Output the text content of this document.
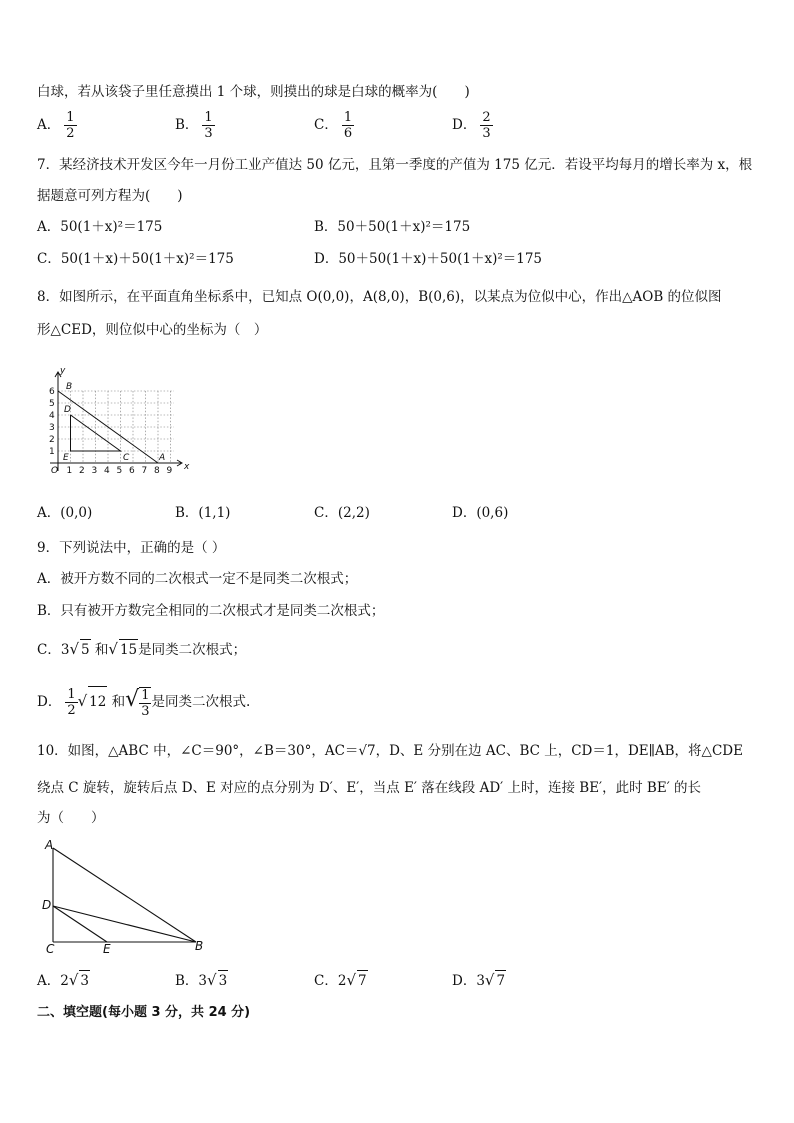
白球，若从该袋子里任意摸出 1 个球，则摸出的球是白球的概率为(　　)
A． $\frac{1}{2}$	B． $\frac{1}{3}$	C． $\frac{1}{6}$	D． $\frac{2}{3}$
7．某经济技术开发区今年一月份工业产值达 50 亿元，且第一季度的产值为 175 亿元．若设平均每月的增长率为 x，根
据题意可列方程为(　　)
A．50(1＋x)²＝175	B．50＋50(1＋x)²＝175
C．50(1＋x)＋50(1＋x)²＝175	D．50＋50(1＋x)＋50(1＋x)²＝175
8．如图所示，在平面直角坐标系中，已知点 O(0,0)，A(8,0)，B(0,6)，以某点为位似中心，作出△AOB 的位似图
形△CED，则位似中心的坐标为（　）
y
x
O 1 2 3 4 5 6 7 8 9
1
2
3
4
5
6 B
D
E	C	A
A．(0,0)	B．(1,1)	C．(2,2)	D．(0,6)
9．下列说法中，正确的是（ ）
A．被开方数不同的二次根式一定不是同类二次根式；
B．只有被开方数完全相同的二次根式才是同类二次根式；
C．3√ 5 和√ 15是同类二次根式；
D． $\frac{1}{2}$ √ 12 和√ $\frac{1}{3}$ 是同类二次根式.
10．如图，△ABC 中，∠C＝90°，∠B＝30°，AC＝√7，D、E 分别在边 AC、BC 上，CD＝1，DE∥AB，将△CDE
绕点 C 旋转，旋转后点 D、E 对应的点分别为 D′、E′，当点 E′ 落在线段 AD′ 上时，连接 BE′，此时 BE′ 的长
为（　　）
A
D
C	E	B
A．2√ 3	B．3√ 3	C．2√ 7	D．3√ 7
二、填空题(每小题 3 分，共 24 分)
